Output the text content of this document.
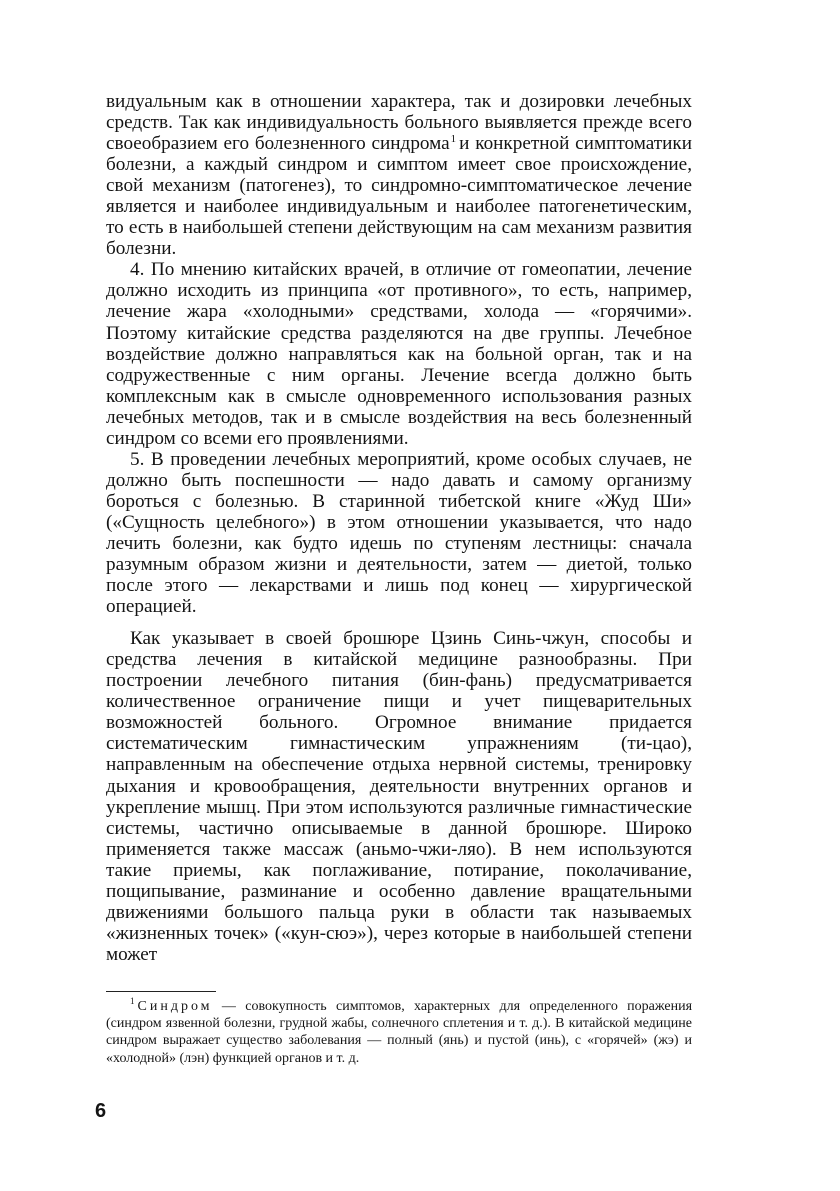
видуальным как в отношении характера, так и дозировки лечебных средств. Так как индивидуальность больного выявляется прежде всего своеобразием его болезненного синдрома$^1$ и конкретной симптоматики болезни, а каждый синдром и симптом имеет свое происхождение, свой механизм (патогенез), то синдромно-симптоматическое лечение является и наиболее индивидуальным и наиболее патогенетическим, то есть в наибольшей степени действующим на сам механизм развития болезни.

4. По мнению китайских врачей, в отличие от гомеопатии, лечение должно исходить из принципа «от противного», то есть, например, лечение жара «холодными» средствами, холода — «горячими». Поэтому китайские средства разделяются на две группы. Лечебное воздействие должно направляться как на больной орган, так и на содружественные с ним органы. Лечение всегда должно быть комплексным как в смысле одновременного использования разных лечебных методов, так и в смысле воздействия на весь болезненный синдром со всеми его проявлениями.

5. В проведении лечебных мероприятий, кроме особых случаев, не должно быть поспешности — надо давать и самому организму бороться с болезнью. В старинной тибетской книге «Жуд Ши» («Сущность целебного») в этом отношении указывается, что надо лечить болезни, как будто идешь по ступеням лестницы: сначала разумным образом жизни и деятельности, затем — диетой, только после этого — лекарствами и лишь под конец — хирургической операцией.

Как указывает в своей брошюре Цзинь Синь-чжун, способы и средства лечения в китайской медицине разнообразны. При построении лечебного питания (бин-фань) предусматривается количественное ограничение пищи и учет пищеварительных возможностей больного. Огромное внимание придается систематическим гимнастическим упражнениям (ти-цао), направленным на обеспечение отдыха нервной системы, тренировку дыхания и кровообращения, деятельности внутренних органов и укрепление мышц. При этом используются различные гимнастические системы, частично описываемые в данной брошюре. Широко применяется также массаж (аньмо-чжи-ляо). В нем используются такие приемы, как поглаживание, потирание, поколачивание, пощипывание, разминание и особенно давление вращательными движениями большого пальца руки в области так называемых «жизненных точек» («кун-сюэ»), через которые в наибольшей степени может

$^1$ Синдром — совокупность симптомов, характерных для определенного поражения (синдром язвенной болезни, грудной жабы, солнечного сплетения и т. д.). В китайской медицине синдром выражает существо заболевания — полный (янь) и пустой (инь), с «горячей» (жэ) и «холодной» (лэн) функцией органов и т. д.

6
